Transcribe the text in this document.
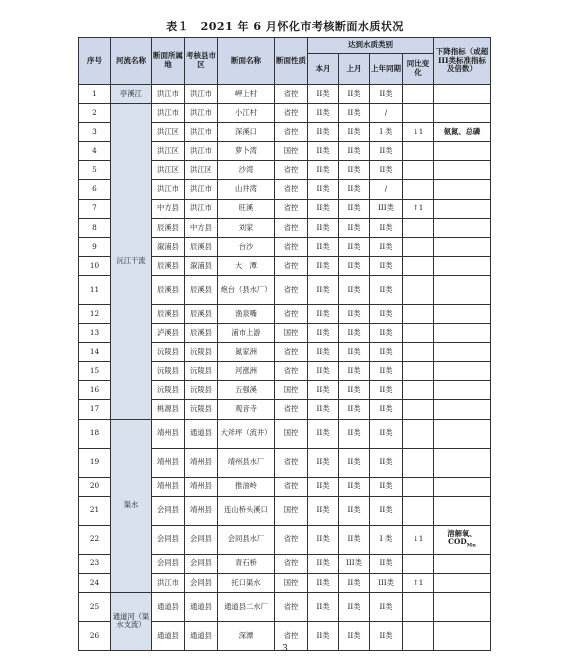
表１　2021 年 6 月怀化市考核断面水质状况
序号	河流名称	断面所属地	考核县市区	断面名称	断面性质	达到水质类别				下降指标（或超III类标准指标及倍数）
						本月	上月	上年同期	同比变化	
1	亭溪江	洪江市	洪江市	岬上村	省控	II类	II类	II类		
2	沅江干流	洪江市	洪江市	小江村	省控	II类	II类	/		
3		洪江区	洪江市	深溪口	省控	II类	II类	I 类	↓1	氨氮、总磷
4		洪江区	洪江市	萝卜湾	国控	II类	II类	II类		
5		洪江区	洪江区	沙湾	省控	II类	II类	II类		
6		洪江市	洪江市	山井湾	省控	II类	II类	/		
7		中方县	洪江市	旺溪	省控	II类	II类	III类	↑1	
8		辰溪县	中方县	刘家	省控	II类	II类	II类		
9		溆浦县	辰溪县	台沙	省控	II类	II类	II类		
10		辰溪县	溆浦县	大　潭	省控	II类	II类	II类		
11		辰溪县	辰溪县	炮台（县水厂）	省控	II类	II类	II类		
12		辰溪县	辰溪县	渔泉嘴	省控	II类	II类	II类		
13		泸溪县	辰溪县	浦市上游	国控	II类	II类	II类		
14		沅陵县	沅陵县	氮家洲	省控	II类	II类	II类		
15		沅陵县	沅陵县	河涨洲	省控	II类	II类	II类		
16		沅陵县	沅陵县	五强溪	国控	II类	II类	II类		
17		桃源县	沅陵县	观音寺	省控	II类	II类	II类		
18	渠水	靖州县	通道县	大斧坪（流井）	国控	II类	II类	II类		
19		靖州县	靖州县	靖州县水厂	省控	II类	II类	II类		
20		靖州县	靖州县	推油岭	省控	II类	II类	II类		
21		会同县	靖州县	连山桥头溪口	国控	II类	II类	II类		
22		会同县	会同县	会同县水厂	省控	II类	II类	I 类	↓1	溶解氧、$COD_{Mn}$
23		会同县	会同县	青石桥	省控	II类	III类	II类		
24		洪江市	会同县	托口渠水	国控	II类	II类	III类	↑1	
25	通道河（渠水支流）	通道县	通道县	通道县二水厂	省控	II类	II类	II类		
26		通道县	通道县	深潭	省控	II类	II类	II类		
3
